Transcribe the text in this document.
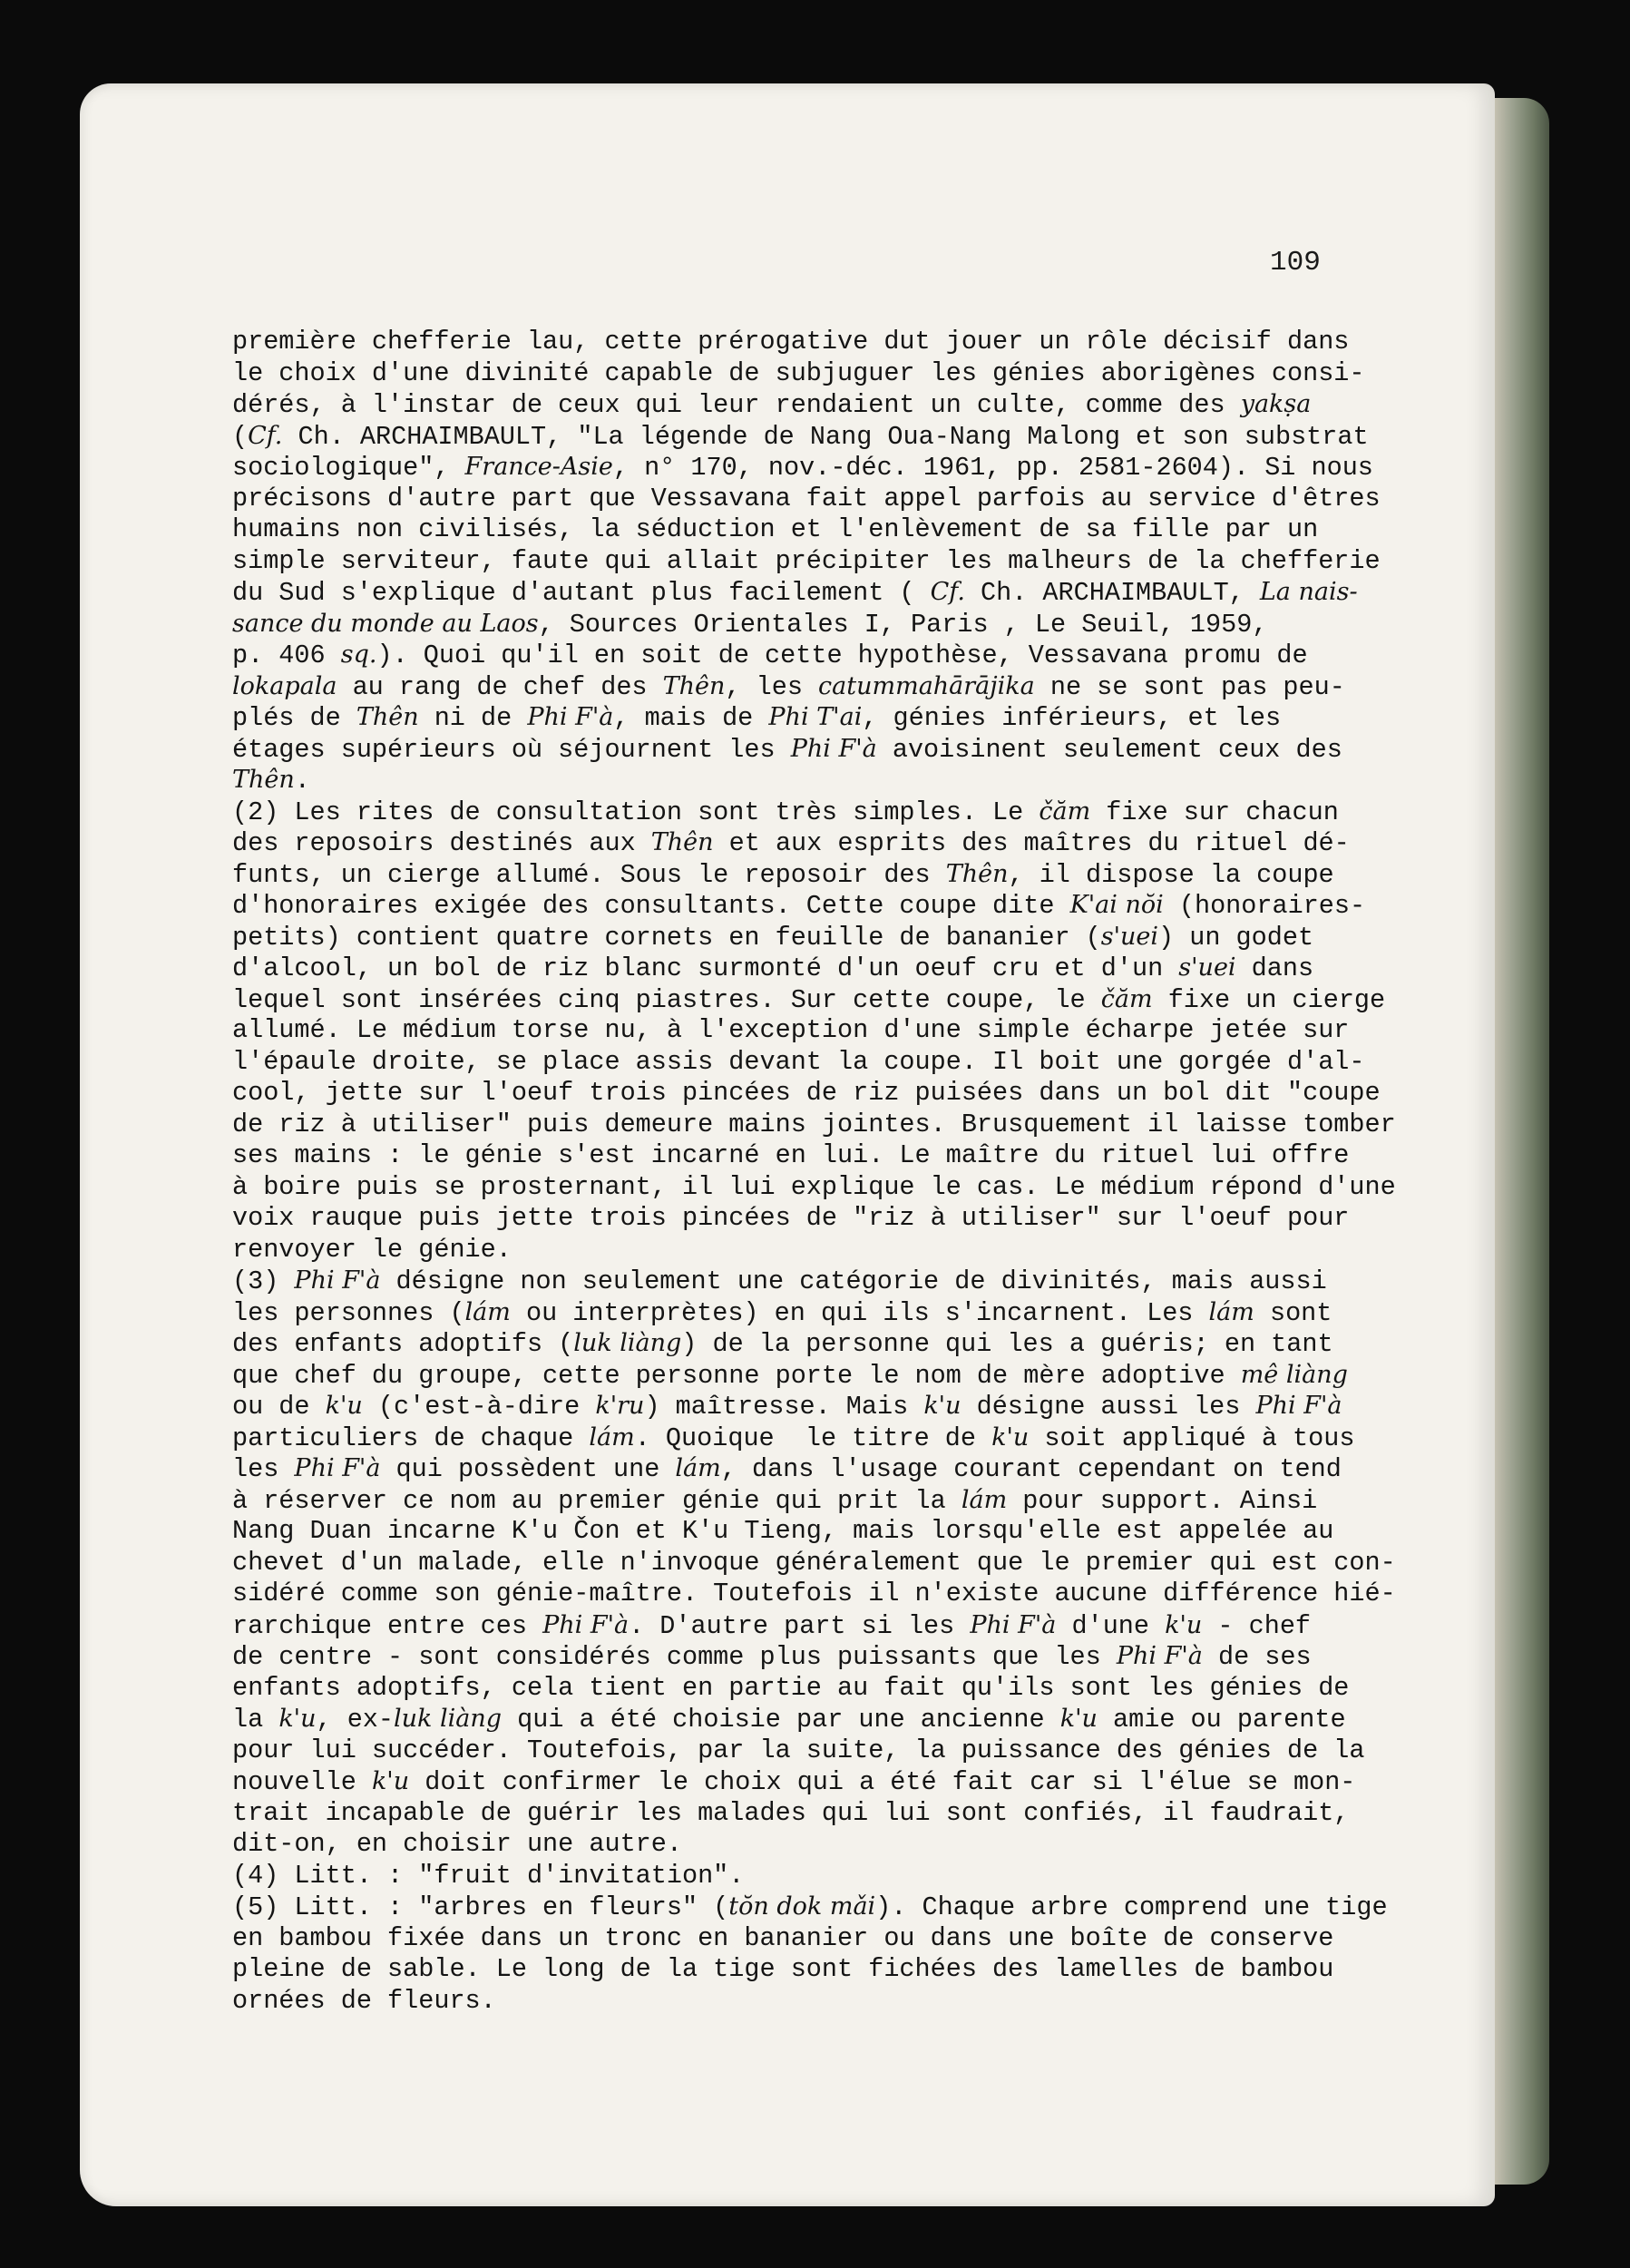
109
première chefferie lau, cette prérogative dut jouer un rôle décisif dans
le choix d'une divinité capable de subjuguer les génies aborigènes consi-
dérés, à l'instar de ceux qui leur rendaient un culte, comme des yakṣa
(Cf. Ch. ARCHAIMBAULT, "La légende de Nang Oua-Nang Malong et son substrat
sociologique", France-Asie, n° 170, nov.-déc. 1961, pp. 2581-2604). Si nous
précisons d'autre part que Vessavana fait appel parfois au service d'êtres
humains non civilisés, la séduction et l'enlèvement de sa fille par un
simple serviteur, faute qui allait précipiter les malheurs de la chefferie
du Sud s'explique d'autant plus facilement ( Cf. Ch. ARCHAIMBAULT, La nais-
sance du monde au Laos, Sources Orientales I, Paris , Le Seuil, 1959,
p. 406 sq.). Quoi qu'il en soit de cette hypothèse, Vessavana promu de
lokapala au rang de chef des Thên, les catummahārājika ne se sont pas peu-
plés de Thên ni de Phi F'à, mais de Phi T'ai, génies inférieurs, et les
étages supérieurs où séjournent les Phi F'à avoisinent seulement ceux des
Thên.
(2) Les rites de consultation sont très simples. Le čăm fixe sur chacun
des reposoirs destinés aux Thên et aux esprits des maîtres du rituel dé-
funts, un cierge allumé. Sous le reposoir des Thên, il dispose la coupe
d'honoraires exigée des consultants. Cette coupe dite K'ai nŏi (honoraires-
petits) contient quatre cornets en feuille de bananier (s'uei) un godet
d'alcool, un bol de riz blanc surmonté d'un oeuf cru et d'un s'uei dans
lequel sont insérées cinq piastres. Sur cette coupe, le čăm fixe un cierge
allumé. Le médium torse nu, à l'exception d'une simple écharpe jetée sur
l'épaule droite, se place assis devant la coupe. Il boit une gorgée d'al-
cool, jette sur l'oeuf trois pincées de riz puisées dans un bol dit "coupe
de riz à utiliser" puis demeure mains jointes. Brusquement il laisse tomber
ses mains : le génie s'est incarné en lui. Le maître du rituel lui offre
à boire puis se prosternant, il lui explique le cas. Le médium répond d'une
voix rauque puis jette trois pincées de "riz à utiliser" sur l'oeuf pour
renvoyer le génie.
(3) Phi F'à désigne non seulement une catégorie de divinités, mais aussi
les personnes (lám ou interprètes) en qui ils s'incarnent. Les lám sont
des enfants adoptifs (luk liàng) de la personne qui les a guéris; en tant
que chef du groupe, cette personne porte le nom de mère adoptive mê liàng
ou de k'u (c'est-à-dire k'ru) maîtresse. Mais k'u désigne aussi les Phi F'à
particuliers de chaque lám. Quoique  le titre de k'u soit appliqué à tous
les Phi F'à qui possèdent une lám, dans l'usage courant cependant on tend
à réserver ce nom au premier génie qui prit la lám pour support. Ainsi
Nang Duan incarne K'u Čon et K'u Tieng, mais lorsqu'elle est appelée au
chevet d'un malade, elle n'invoque généralement que le premier qui est con-
sidéré comme son génie-maître. Toutefois il n'existe aucune différence hié-
rarchique entre ces Phi F'à. D'autre part si les Phi F'à d'une k'u - chef
de centre - sont considérés comme plus puissants que les Phi F'à de ses
enfants adoptifs, cela tient en partie au fait qu'ils sont les génies de
la k'u, ex-luk liàng qui a été choisie par une ancienne k'u amie ou parente
pour lui succéder. Toutefois, par la suite, la puissance des génies de la
nouvelle k'u doit confirmer le choix qui a été fait car si l'élue se mon-
trait incapable de guérir les malades qui lui sont confiés, il faudrait,
dit-on, en choisir une autre.
(4) Litt. : "fruit d'invitation".
(5) Litt. : "arbres en fleurs" (tŏn dok mǎi). Chaque arbre comprend une tige
en bambou fixée dans un tronc en bananier ou dans une boîte de conserve
pleine de sable. Le long de la tige sont fichées des lamelles de bambou
ornées de fleurs.
